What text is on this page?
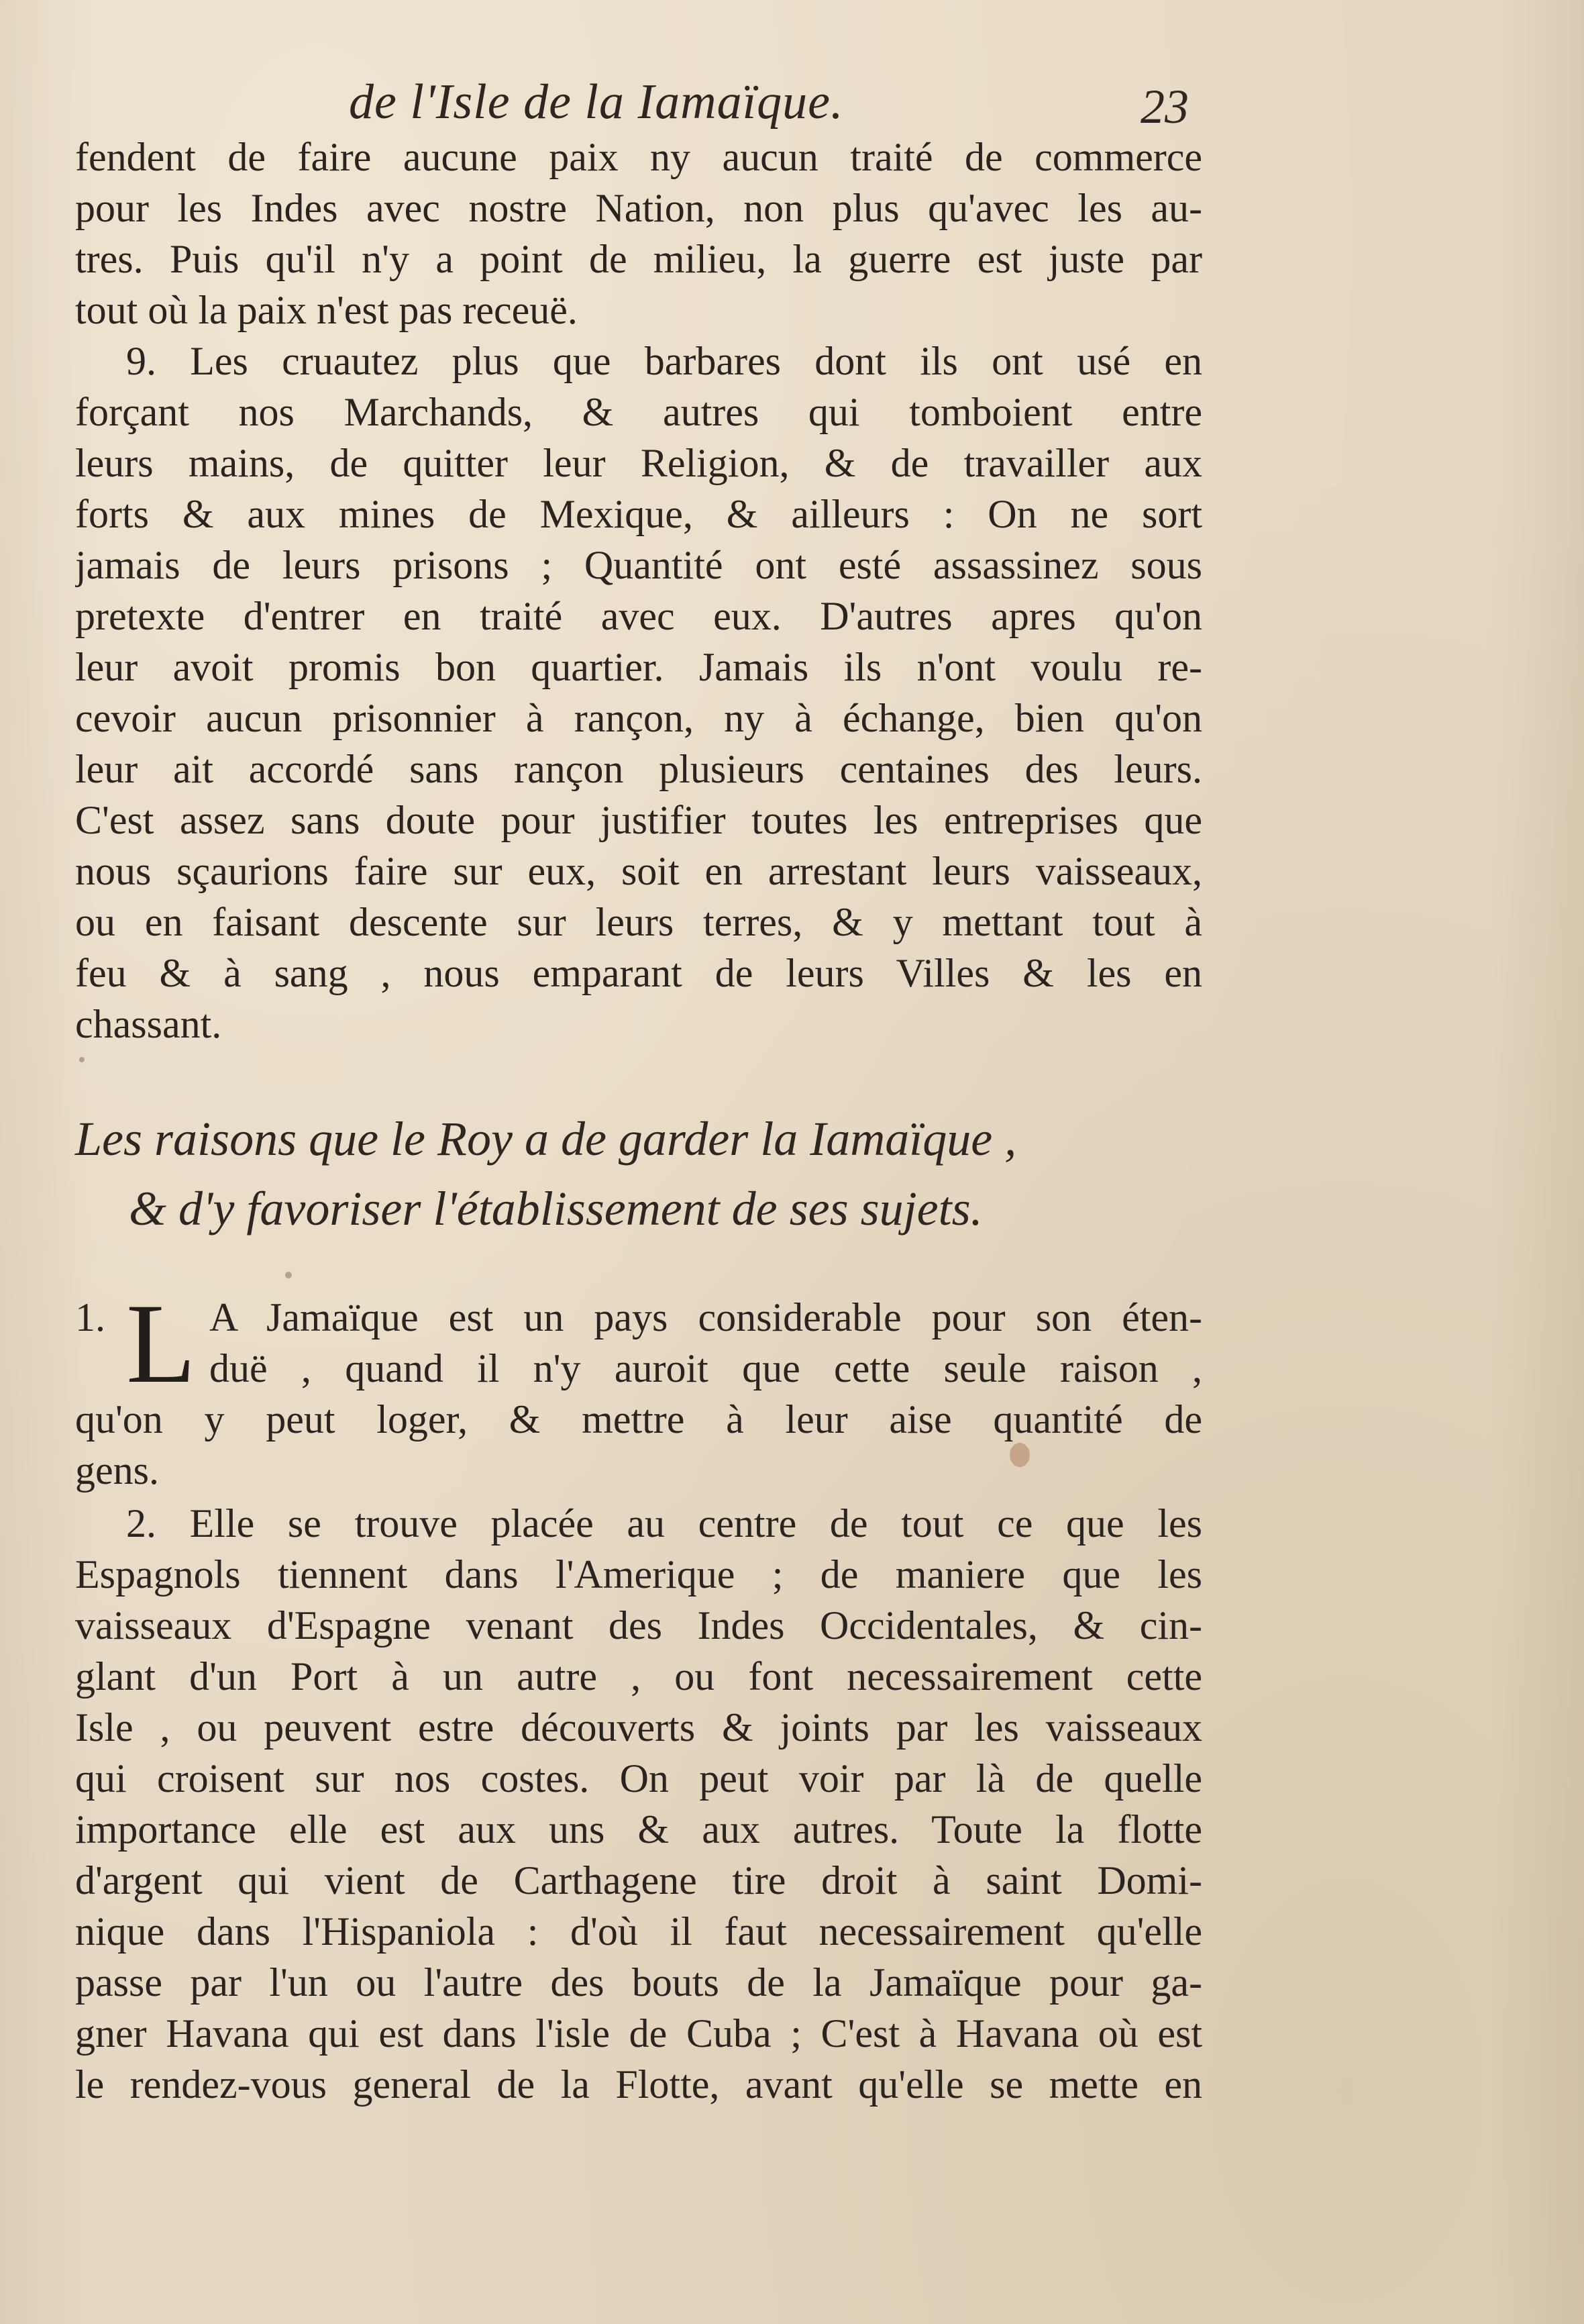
de l'Isle de la Iamaïque.	23
fendent de faire aucune paix ny aucun traité de commerce
pour les Indes avec nostre Nation, non plus qu'avec les au-
tres. Puis qu'il n'y a point de milieu, la guerre est juste par
tout où la paix n'est pas receuë.
9. Les cruautez plus que barbares dont ils ont usé en
forçant nos Marchands, & autres qui tomboient entre
leurs mains, de quitter leur Religion, & de travailler aux
forts & aux mines de Mexique, & ailleurs : On ne sort
jamais de leurs prisons ; Quantité ont esté assassinez sous
pretexte d'entrer en traité avec eux. D'autres apres qu'on
leur avoit promis bon quartier. Jamais ils n'ont voulu re-
cevoir aucun prisonnier à rançon, ny à échange, bien qu'on
leur ait accordé sans rançon plusieurs centaines des leurs.
C'est assez sans doute pour justifier toutes les entreprises que
nous sçaurions faire sur eux, soit en arrestant leurs vaisseaux,
ou en faisant descente sur leurs terres, & y mettant tout à
feu & à sang , nous emparant de leurs Villes & les en
chassant.
Les raisons que le Roy a de garder la Iamaïque ,
& d'y favoriser l'établissement de ses sujets.
1. L A Jamaïque est un pays considerable pour son éten-
duë , quand il n'y auroit que cette seule raison ,
qu'on y peut loger, & mettre à leur aise quantité de
gens.
2. Elle se trouve placée au centre de tout ce que les
Espagnols tiennent dans l'Amerique ; de maniere que les
vaisseaux d'Espagne venant des Indes Occidentales, & cin-
glant d'un Port à un autre , ou font necessairement cette
Isle , ou peuvent estre découverts & joints par les vaisseaux
qui croisent sur nos costes. On peut voir par là de quelle
importance elle est aux uns & aux autres. Toute la flotte
d'argent qui vient de Carthagene tire droit à saint Domi-
nique dans l'Hispaniola : d'où il faut necessairement qu'elle
passe par l'un ou l'autre des bouts de la Jamaïque pour ga-
gner Havana qui est dans l'isle de Cuba ; C'est à Havana où est
le rendez-vous general de la Flotte, avant qu'elle se mette en
